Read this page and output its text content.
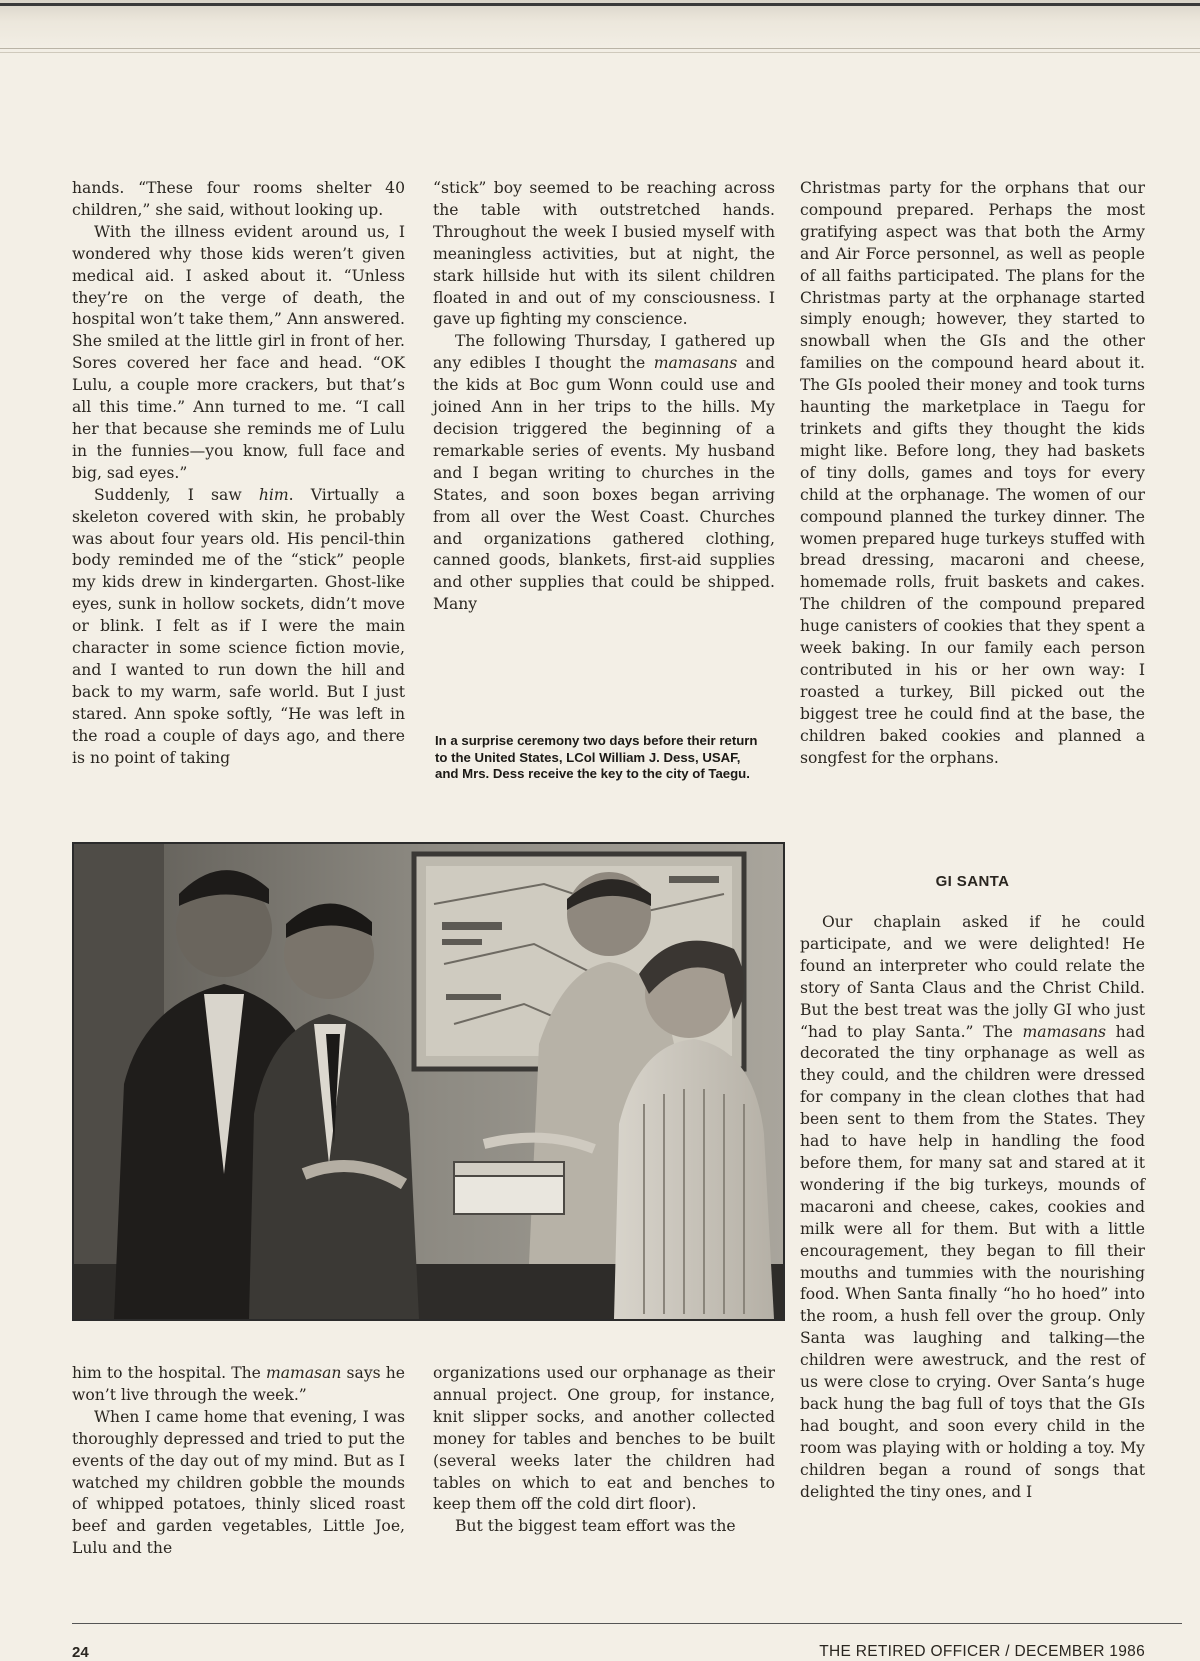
hands. “These four rooms shelter 40 children,” she said, without looking up.

With the illness evident around us, I wondered why those kids weren’t given medical aid. I asked about it. “Unless they’re on the verge of death, the hospital won’t take them,” Ann answered. She smiled at the little girl in front of her. Sores covered her face and head. “OK Lulu, a couple more crackers, but that’s all this time.” Ann turned to me. “I call her that because she reminds me of Lulu in the funnies—you know, full face and big, sad eyes.”

Suddenly, I saw him. Virtually a skeleton covered with skin, he probably was about four years old. His pencil-thin body reminded me of the “stick” people my kids drew in kindergarten. Ghost-like eyes, sunk in hollow sockets, didn’t move or blink. I felt as if I were the main character in some science fiction movie, and I wanted to run down the hill and back to my warm, safe world. But I just stared. Ann spoke softly, “He was left in the road a couple of days ago, and there is no point of taking

“stick” boy seemed to be reaching across the table with outstretched hands. Throughout the week I busied myself with meaningless activities, but at night, the stark hillside hut with its silent children floated in and out of my consciousness. I gave up fighting my conscience.

The following Thursday, I gathered up any edibles I thought the mamasans and the kids at Boc gum Wonn could use and joined Ann in her trips to the hills. My decision triggered the beginning of a remarkable series of events. My husband and I began writing to churches in the States, and soon boxes began arriving from all over the West Coast. Churches and organizations gathered clothing, canned goods, blankets, first-aid supplies and other supplies that could be shipped. Many

Christmas party for the orphans that our compound prepared. Perhaps the most gratifying aspect was that both the Army and Air Force personnel, as well as people of all faiths participated. The plans for the Christmas party at the orphanage started simply enough; however, they started to snowball when the GIs and the other families on the compound heard about it. The GIs pooled their money and took turns haunting the marketplace in Taegu for trinkets and gifts they thought the kids might like. Before long, they had baskets of tiny dolls, games and toys for every child at the orphanage. The women of our compound planned the turkey dinner. The women prepared huge turkeys stuffed with bread dressing, macaroni and cheese, homemade rolls, fruit baskets and cakes. The children of the compound prepared huge canisters of cookies that they spent a week baking. In our family each person contributed in his or her own way: I roasted a turkey, Bill picked out the biggest tree he could find at the base, the children baked cookies and planned a songfest for the orphans.

In a surprise ceremony two days before their return to the United States, LCol William J. Dess, USAF, and Mrs. Dess receive the key to the city of Taegu.
GI SANTA

Our chaplain asked if he could participate, and we were delighted! He found an interpreter who could relate the story of Santa Claus and the Christ Child. But the best treat was the jolly GI who just “had to play Santa.” The mamasans had decorated the tiny orphanage as well as they could, and the children were dressed for company in the clean clothes that had been sent to them from the States. They had to have help in handling the food before them, for many sat and stared at it wondering if the big turkeys, mounds of macaroni and cheese, cakes, cookies and milk were all for them. But with a little encouragement, they began to fill their mouths and tummies with the nourishing food. When Santa finally “ho ho hoed” into the room, a hush fell over the group. Only Santa was laughing and talking—the children were awestruck, and the rest of us were close to crying. Over Santa’s huge back hung the bag full of toys that the GIs had bought, and soon every child in the room was playing with or holding a toy. My children began a round of songs that delighted the tiny ones, and I

him to the hospital. The mamasan says he won’t live through the week.”

When I came home that evening, I was thoroughly depressed and tried to put the events of the day out of my mind. But as I watched my children gobble the mounds of whipped potatoes, thinly sliced roast beef and garden vegetables, Little Joe, Lulu and the

organizations used our orphanage as their annual project. One group, for instance, knit slipper socks, and another collected money for tables and benches to be built (several weeks later the children had tables on which to eat and benches to keep them off the cold dirt floor).

But the biggest team effort was the

24	THE RETIRED OFFICER / DECEMBER 1986
